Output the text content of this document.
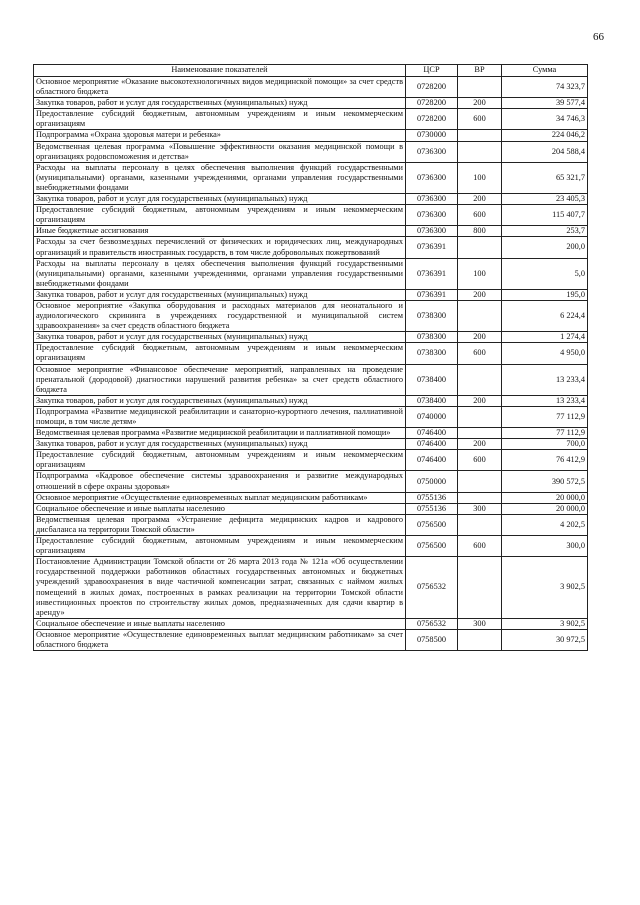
66
Наименование показателей	ЦСР	ВР	Сумма
Основное мероприятие «Оказание высокотехнологичных видов медицинской помощи» за счет средств областного бюджета	0728200		74 323,7
Закупка товаров, работ и услуг для государственных (муниципальных) нужд	0728200	200	39 577,4
Предоставление субсидий бюджетным, автономным учреждениям и иным некоммерческим организациям	0728200	600	34 746,3
Подпрограмма «Охрана здоровья матери и ребенка»	0730000		224 046,2
Ведомственная целевая программа «Повышение эффективности оказания медицинской помощи в организациях родовспоможения и детства»	0736300		204 588,4
Расходы на выплаты персоналу в целях обеспечения выполнения функций государственными (муниципальными) органами, казенными учреждениями, органами управления государственными внебюджетными фондами	0736300	100	65 321,7
Закупка товаров, работ и услуг для государственных (муниципальных) нужд	0736300	200	23 405,3
Предоставление субсидий бюджетным, автономным учреждениям и иным некоммерческим организациям	0736300	600	115 407,7
Иные бюджетные ассигнования	0736300	800	253,7
Расходы за счет безвозмездных перечислений от физических и юридических лиц, международных организаций и правительств иностранных государств, в том числе добровольных пожертвований	0736391		200,0
Расходы на выплаты персоналу в целях обеспечения выполнения функций государственными (муниципальными) органами, казенными учреждениями, органами управления государственными внебюджетными фондами	0736391	100	5,0
Закупка товаров, работ и услуг для государственных (муниципальных) нужд	0736391	200	195,0
Основное мероприятие «Закупка оборудования и расходных материалов для неонатального и аудиологического скрининга в учреждениях государственной и муниципальной систем здравоохранения» за счет средств областного бюджета	0738300		6 224,4
Закупка товаров, работ и услуг для государственных (муниципальных) нужд	0738300	200	1 274,4
Предоставление субсидий бюджетным, автономным учреждениям и иным некоммерческим организациям	0738300	600	4 950,0
Основное мероприятие «Финансовое обеспечение мероприятий, направленных на проведение пренатальной (дородовой) диагностики нарушений развития ребенка» за счет средств областного бюджета	0738400		13 233,4
Закупка товаров, работ и услуг для государственных (муниципальных) нужд	0738400	200	13 233,4
Подпрограмма «Развитие медицинской реабилитации и санаторно-курортного лечения, паллиативной помощи, в том числе детям»	0740000		77 112,9
Ведомственная целевая программа «Развитие медицинской реабилитации и паллиативной помощи»	0746400		77 112,9
Закупка товаров, работ и услуг для государственных (муниципальных) нужд	0746400	200	700,0
Предоставление субсидий бюджетным, автономным учреждениям и иным некоммерческим организациям	0746400	600	76 412,9
Подпрограмма «Кадровое обеспечение системы здравоохранения и развитие международных отношений в сфере охраны здоровья»	0750000		390 572,5
Основное мероприятие «Осуществление единовременных выплат медицинским работникам»	0755136		20 000,0
Социальное обеспечение и иные выплаты населению	0755136	300	20 000,0
Ведомственная целевая программа «Устранение дефицита медицинских кадров и кадрового дисбаланса на территории Томской области»	0756500		4 202,5
Предоставление субсидий бюджетным, автономным учреждениям и иным некоммерческим организациям	0756500	600	300,0
Постановление Администрации Томской области от 26 марта 2013 года № 121а «Об осуществлении государственной поддержки работников областных государственных автономных и бюджетных учреждений здравоохранения в виде частичной компенсации затрат, связанных с наймом жилых помещений в жилых домах, построенных в рамках реализации на территории Томской области инвестиционных проектов по строительству жилых домов, предназначенных для сдачи квартир в аренду»	0756532		3 902,5
Социальное обеспечение и иные выплаты населению	0756532	300	3 902,5
Основное мероприятие «Осуществление единовременных выплат медицинским работникам» за счет областного бюджета	0758500		30 972,5
